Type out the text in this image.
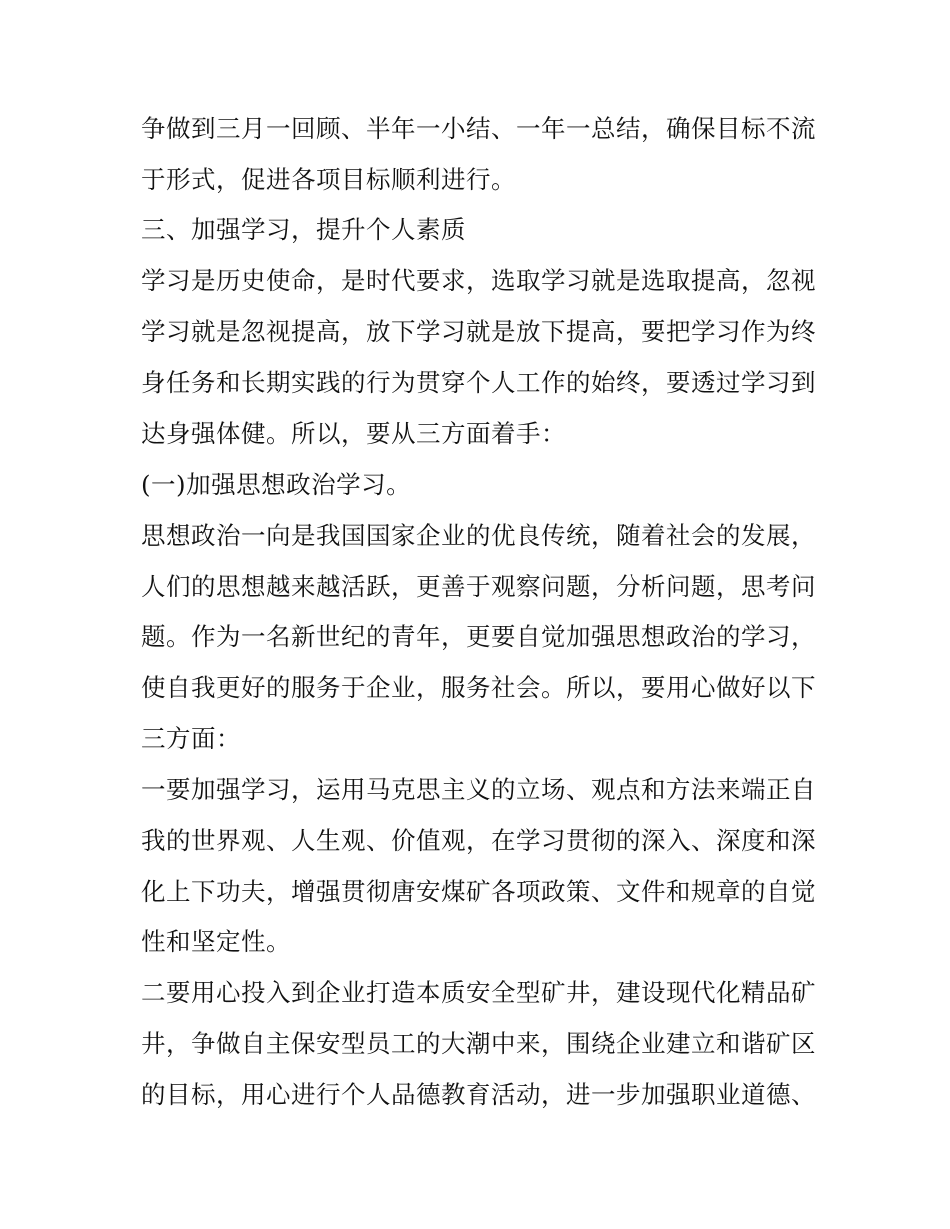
争做到三月一回顾、半年一小结、一年一总结，确保目标不流
于形式，促进各项目标顺利进行。
三、加强学习，提升个人素质
学习是历史使命，是时代要求，选取学习就是选取提高，忽视
学习就是忽视提高，放下学习就是放下提高，要把学习作为终
身任务和长期实践的行为贯穿个人工作的始终，要透过学习到
达身强体健。所以，要从三方面着手：
(一)加强思想政治学习。
思想政治一向是我国国家企业的优良传统，随着社会的发展，
人们的思想越来越活跃，更善于观察问题，分析问题，思考问
题。作为一名新世纪的青年，更要自觉加强思想政治的学习，
使自我更好的服务于企业，服务社会。所以，要用心做好以下
三方面：
一要加强学习，运用马克思主义的立场、观点和方法来端正自
我的世界观、人生观、价值观，在学习贯彻的深入、深度和深
化上下功夫，增强贯彻唐安煤矿各项政策、文件和规章的自觉
性和坚定性。
二要用心投入到企业打造本质安全型矿井，建设现代化精品矿
井，争做自主保安型员工的大潮中来，围绕企业建立和谐矿区
的目标，用心进行个人品德教育活动，进一步加强职业道德、
